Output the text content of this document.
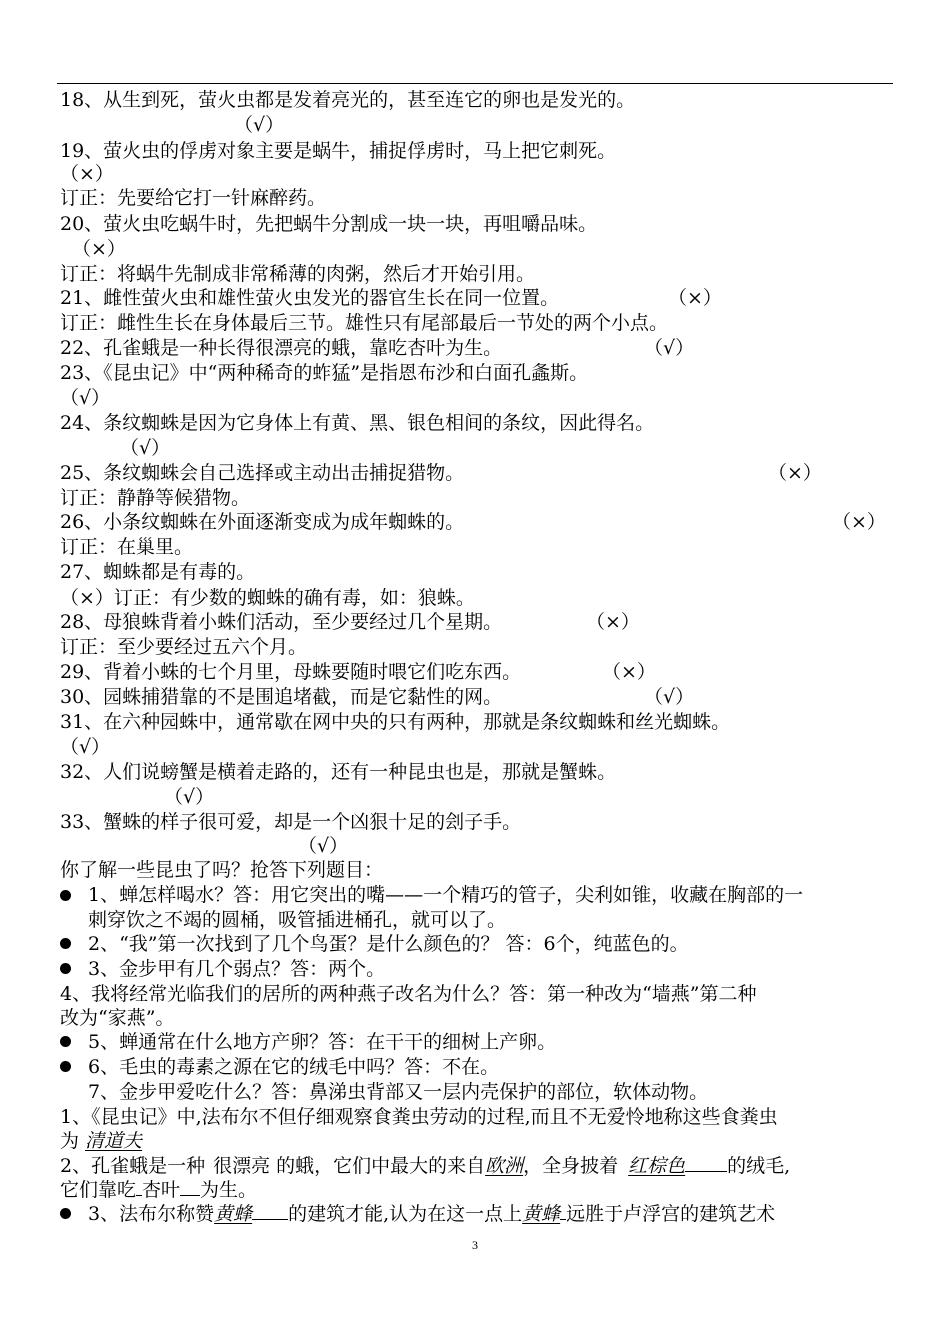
18、从生到死，萤火虫都是发着亮光的，甚至连它的卵也是发光的。
（√）
19、萤火虫的俘虏对象主要是蜗牛，捕捉俘虏时，马上把它刺死。
（×）
订正：先要给它打一针麻醉药。
20、萤火虫吃蜗牛时，先把蜗牛分割成一块一块，再咀嚼品味。
（×）
订正：将蜗牛先制成非常稀薄的肉粥，然后才开始引用。
21、雌性萤火虫和雄性萤火虫发光的器官生长在同一位置。	（×）
订正：雌性生长在身体最后三节。雄性只有尾部最后一节处的两个小点。
22、孔雀蛾是一种长得很漂亮的蛾，靠吃杏叶为生。	（√）
23、《昆虫记》中“两种稀奇的蚱猛”是指恩布沙和白面孔螽斯。
（√）
24、条纹蜘蛛是因为它身体上有黄、黑、银色相间的条纹，因此得名。
（√）
25、条纹蜘蛛会自己选择或主动出击捕捉猎物。	（×）
订正：静静等候猎物。
26、小条纹蜘蛛在外面逐渐变成为成年蜘蛛的。	（×）
订正：在巢里。
27、蜘蛛都是有毒的。
（×）订正：有少数的蜘蛛的确有毒，如：狼蛛。
28、母狼蛛背着小蛛们活动，至少要经过几个星期。	（×）
订正：至少要经过五六个月。
29、背着小蛛的七个月里，母蛛要随时喂它们吃东西。	（×）
30、园蛛捕猎靠的不是围追堵截，而是它黏性的网。	（√）
31、在六种园蛛中，通常歇在网中央的只有两种，那就是条纹蜘蛛和丝光蜘蛛。
（√）
32、人们说螃蟹是横着走路的，还有一种昆虫也是，那就是蟹蛛。
（√）
33、蟹蛛的样子很可爱，却是一个凶狠十足的刽子手。
（√）
你了解一些昆虫了吗？抢答下列题目：
1、蝉怎样喝水？答：用它突出的嘴——一个精巧的管子，尖利如锥，收藏在胸部的一
刺穿饮之不竭的圆桶，吸管插进桶孔，就可以了。
2、“我”第一次找到了几个鸟蛋？是什么颜色的？ 答：6个，纯蓝色的。
3、金步甲有几个弱点？答：两个。
4、我将经常光临我们的居所的两种燕子改名为什么？答：第一种改为“墙燕”第二种
改为“家燕”。
5、蝉通常在什么地方产卵？答：在干干的细树上产卵。
6、毛虫的毒素之源在它的绒毛中吗？答：不在。
7、金步甲爱吃什么？答：鼻涕虫背部又一层内壳保护的部位，软体动物。
1、《昆虫记》中,法布尔不但仔细观察食粪虫劳动的过程,而且不无爱怜地称这些食粪虫
为 清道夫
2、孔雀蛾是一种 很漂亮 的蛾，它们中最大的来自欧洲，全身披着 红棕色 的绒毛,
它们靠吃 杏叶 为生。
3、法布尔称赞黄蜂 的建筑才能,认为在这一点上黄蜂 远胜于卢浮宫的建筑艺术
3
